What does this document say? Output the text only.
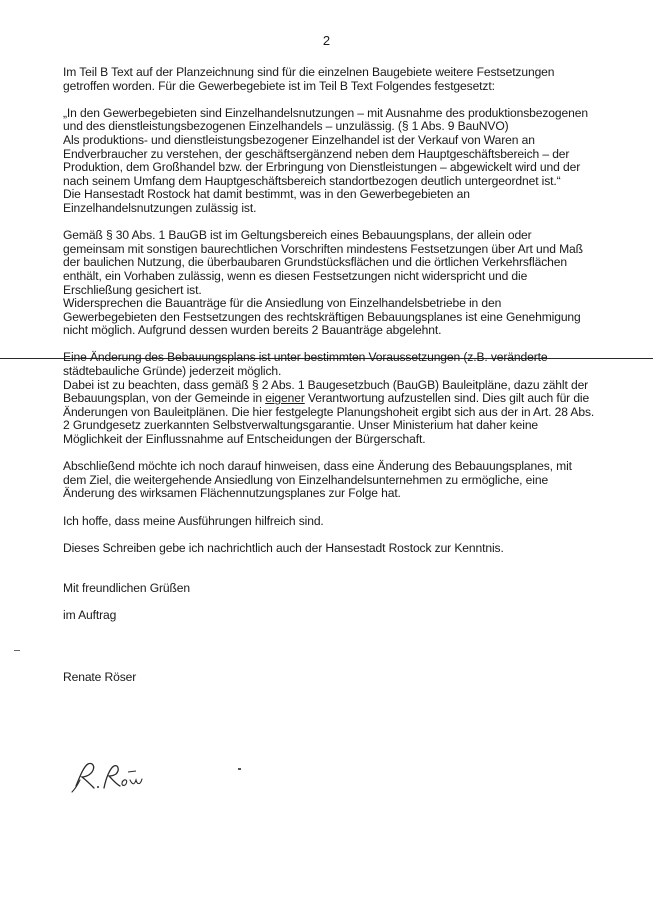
2

Im Teil B Text auf der Planzeichnung sind für die einzelnen Baugebiete weitere Festsetzungen getroffen worden. Für die Gewerbegebiete ist im Teil B Text Folgendes festgesetzt:

„In den Gewerbegebieten sind Einzelhandelsnutzungen – mit Ausnahme des produktionsbezogenen und des dienstleistungsbezogenen Einzelhandels – unzulässig. (§ 1 Abs. 9 BauNVO)

Als produktions- und dienstleistungsbezogener Einzelhandel ist der Verkauf von Waren an Endverbraucher zu verstehen, der geschäftsergänzend neben dem Hauptgeschäftsbereich – der Produktion, dem Großhandel bzw. der Erbringung von Dienstleistungen – abgewickelt wird und der nach seinem Umfang dem Hauptgeschäftsbereich standortbezogen deutlich untergeordnet ist.“

Die Hansestadt Rostock hat damit bestimmt, was in den Gewerbegebieten an Einzelhandelsnutzungen zulässig ist.

Gemäß § 30 Abs. 1 BauGB ist im Geltungsbereich eines Bebauungsplans, der allein oder gemeinsam mit sonstigen baurechtlichen Vorschriften mindestens Festsetzungen über Art und Maß der baulichen Nutzung, die überbaubaren Grundstücksflächen und die örtlichen Verkehrsflächen enthält, ein Vorhaben zulässig, wenn es diesen Festsetzungen nicht widerspricht und die Erschließung gesichert ist.

Widersprechen die Bauanträge für die Ansiedlung von Einzelhandelsbetriebe in den Gewerbegebieten den Festsetzungen des rechtskräftigen Bebauungsplanes ist eine Genehmigung nicht möglich. Aufgrund dessen wurden bereits 2 Bauanträge abgelehnt.

Eine Änderung des Bebauungsplans ist unter bestimmten Voraussetzungen (z.B. veränderte städtebauliche Gründe) jederzeit möglich.

Dabei ist zu beachten, dass gemäß § 2 Abs. 1 Baugesetzbuch (BauGB) Bauleitpläne, dazu zählt der Bebauungsplan, von der Gemeinde in eigener Verantwortung aufzustellen sind. Dies gilt auch für die Änderungen von Bauleitplänen. Die hier festgelegte Planungshoheit ergibt sich aus der in Art. 28 Abs. 2 Grundgesetz zuerkannten Selbstverwaltungsgarantie. Unser Ministerium hat daher keine Möglichkeit der Einflussnahme auf Entscheidungen der Bürgerschaft.

Abschließend möchte ich noch darauf hinweisen, dass eine Änderung des Bebauungsplanes, mit dem Ziel, die weitergehende Ansiedlung von Einzelhandelsunternehmen zu ermögliche, eine Änderung des wirksamen Flächennutzungsplanes zur Folge hat.

Ich hoffe, dass meine Ausführungen hilfreich sind.

Dieses Schreiben gebe ich nachrichtlich auch der Hansestadt Rostock zur Kenntnis.

Mit freundlichen Grüßen

im Auftrag

Renate Röser
